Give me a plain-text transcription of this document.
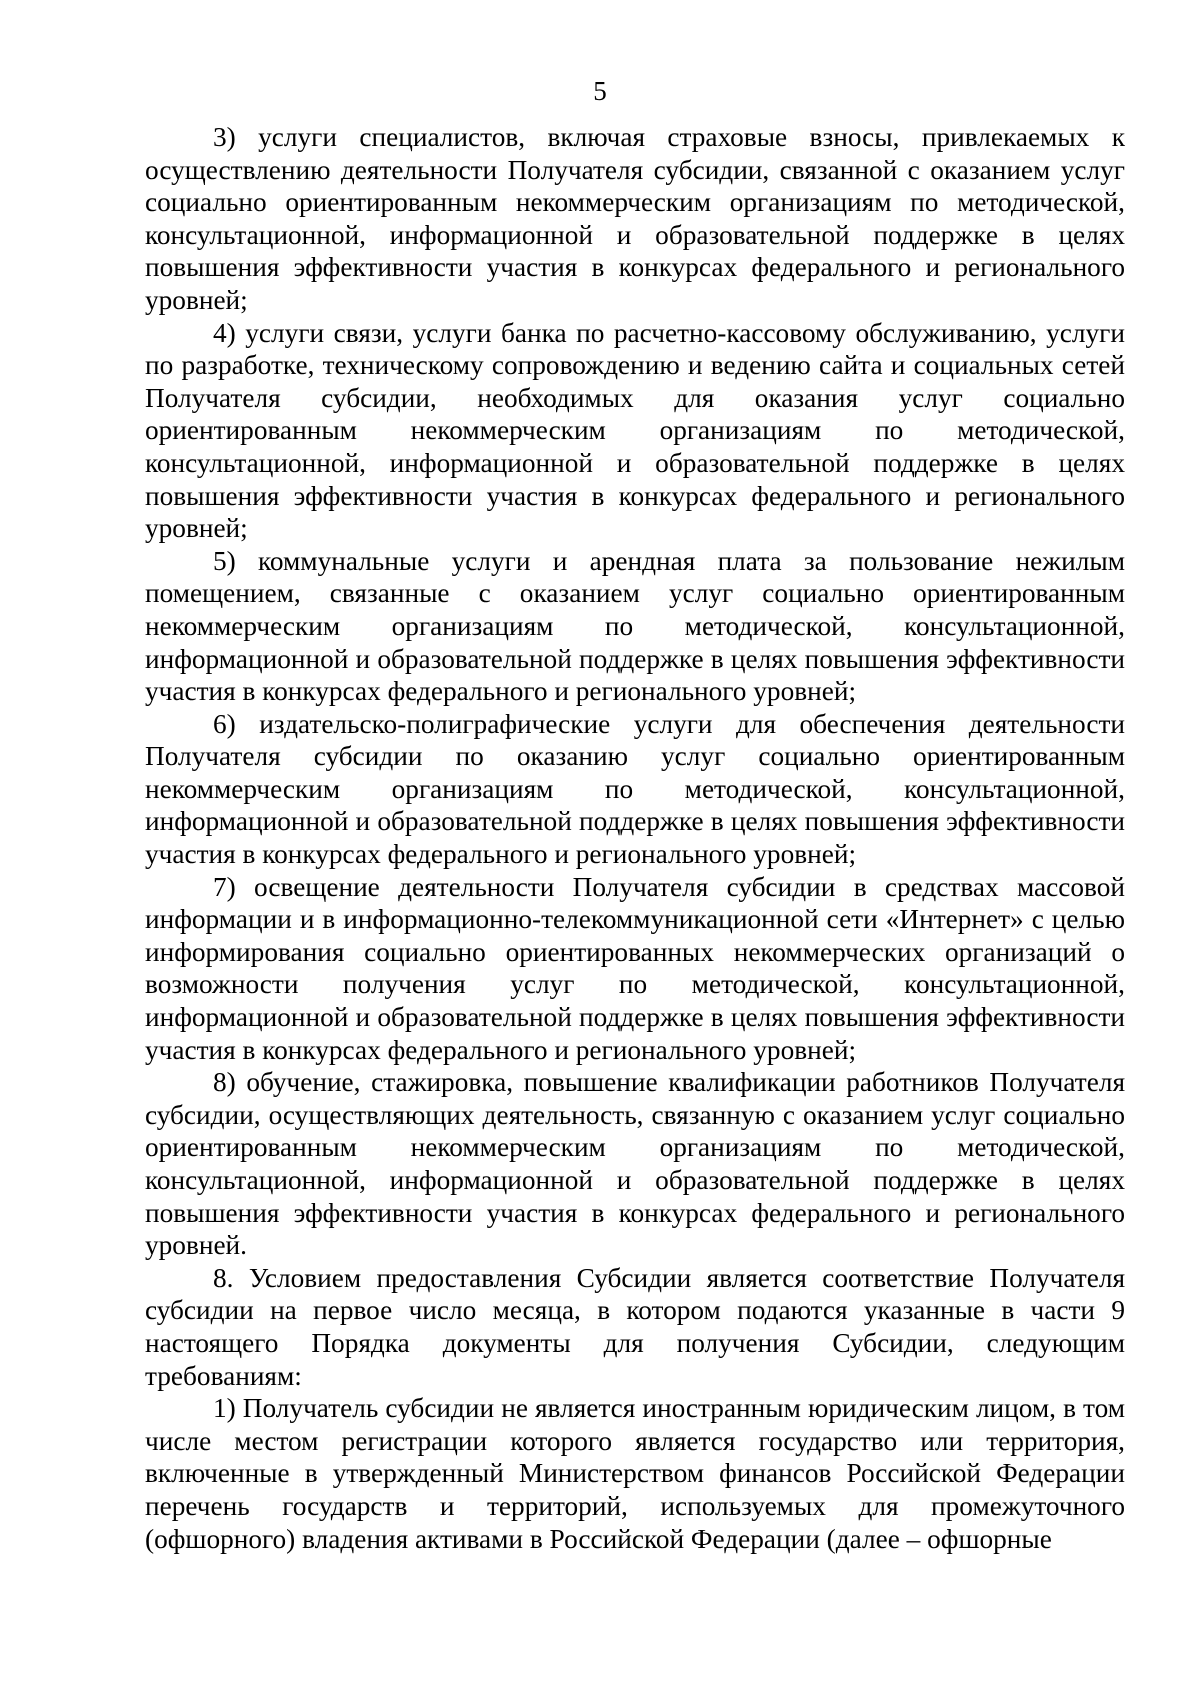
5

3) услуги специалистов, включая страховые взносы, привлекаемых к осуществлению деятельности Получателя субсидии, связанной с оказанием услуг социально ориентированным некоммерческим организациям по методической, консультационной, информационной и образовательной поддержке в целях повышения эффективности участия в конкурсах федерального и регионального уровней;

4) услуги связи, услуги банка по расчетно-кассовому обслуживанию, услуги по разработке, техническому сопровождению и ведению сайта и социальных сетей Получателя субсидии, необходимых для оказания услуг социально ориентированным некоммерческим организациям по методической, консультационной, информационной и образовательной поддержке в целях повышения эффективности участия в конкурсах федерального и регионального уровней;

5) коммунальные услуги и арендная плата за пользование нежилым помещением, связанные с оказанием услуг социально ориентированным некоммерческим организациям по методической, консультационной, информационной и образовательной поддержке в целях повышения эффективности участия в конкурсах федерального и регионального уровней;

6) издательско-полиграфические услуги для обеспечения деятельности Получателя субсидии по оказанию услуг социально ориентированным некоммерческим организациям по методической, консультационной, информационной и образовательной поддержке в целях повышения эффективности участия в конкурсах федерального и регионального уровней;

7) освещение деятельности Получателя субсидии в средствах массовой информации и в информационно-телекоммуникационной сети «Интернет» с целью информирования социально ориентированных некоммерческих организаций о возможности получения услуг по методической, консультационной, информационной и образовательной поддержке в целях повышения эффективности участия в конкурсах федерального и регионального уровней;

8) обучение, стажировка, повышение квалификации работников Получателя субсидии, осуществляющих деятельность, связанную с оказанием услуг социально ориентированным некоммерческим организациям по методической, консультационной, информационной и образовательной поддержке в целях повышения эффективности участия в конкурсах федерального и регионального уровней.

8. Условием предоставления Субсидии является соответствие Получателя субсидии на первое число месяца, в котором подаются указанные в части 9 настоящего Порядка документы для получения Субсидии, следующим требованиям:

1) Получатель субсидии не является иностранным юридическим лицом, в том числе местом регистрации которого является государство или территория, включенные в утвержденный Министерством финансов Российской Федерации перечень государств и территорий, используемых для промежуточного (офшорного) владения активами в Российской Федерации (далее – офшорные
